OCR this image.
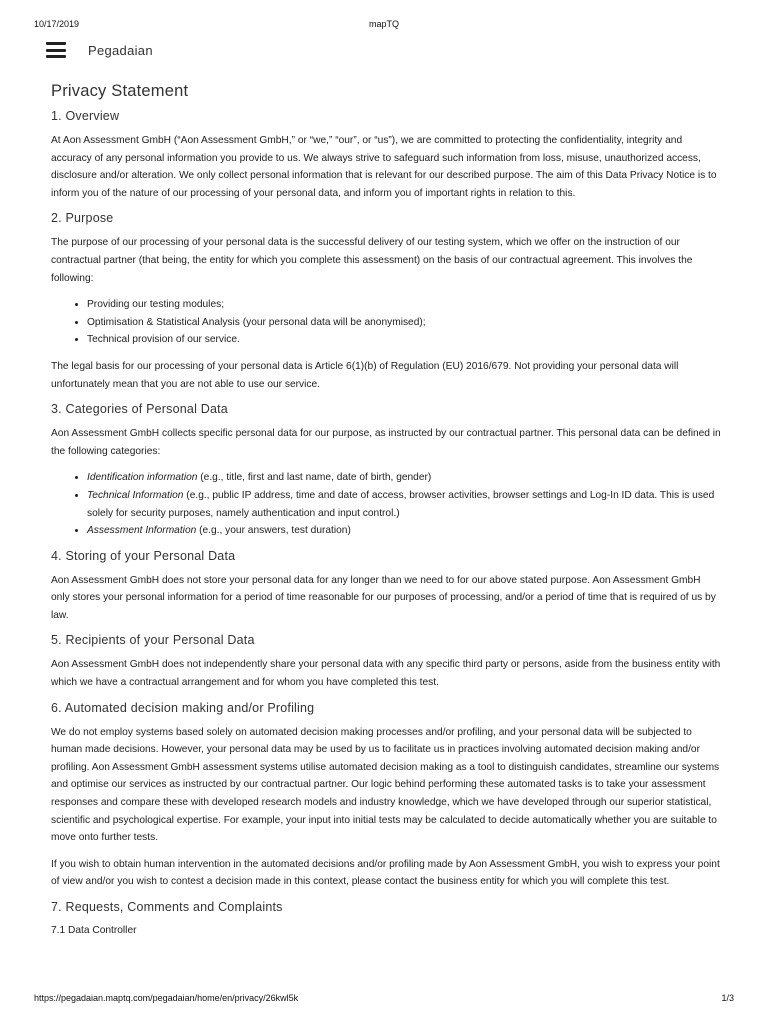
10/17/2019	mapTQ
Pegadaian
Privacy Statement
1. Overview

At Aon Assessment GmbH (“Aon Assessment GmbH,” or “we,” “our”, or “us”), we are committed to protecting the confidentiality, integrity and accuracy of any personal information you provide to us. We always strive to safeguard such information from loss, misuse, unauthorized access, disclosure and/or alteration. We only collect personal information that is relevant for our described purpose. The aim of this Data Privacy Notice is to inform you of the nature of our processing of your personal data, and inform you of important rights in relation to this.

2. Purpose

The purpose of our processing of your personal data is the successful delivery of our testing system, which we offer on the instruction of our contractual partner (that being, the entity for which you complete this assessment) on the basis of our contractual agreement. This involves the following:

• Providing our testing modules;
• Optimisation & Statistical Analysis (your personal data will be anonymised);
• Technical provision of our service.

The legal basis for our processing of your personal data is Article 6(1)(b) of Regulation (EU) 2016/679. Not providing your personal data will unfortunately mean that you are not able to use our service.

3. Categories of Personal Data

Aon Assessment GmbH collects specific personal data for our purpose, as instructed by our contractual partner. This personal data can be defined in the following categories:

• Identification information (e.g., title, first and last name, date of birth, gender)
• Technical Information (e.g., public IP address, time and date of access, browser activities, browser settings and Log-In ID data. This is used solely for security purposes, namely authentication and input control.)
• Assessment Information (e.g., your answers, test duration)
4. Storing of your Personal Data

Aon Assessment GmbH does not store your personal data for any longer than we need to for our above stated purpose. Aon Assessment GmbH only stores your personal information for a period of time reasonable for our purposes of processing, and/or a period of time that is required of us by law.

5. Recipients of your Personal Data

Aon Assessment GmbH does not independently share your personal data with any specific third party or persons, aside from the business entity with which we have a contractual arrangement and for whom you have completed this test.

6. Automated decision making and/or Profiling

We do not employ systems based solely on automated decision making processes and/or profiling, and your personal data will be subjected to human made decisions. However, your personal data may be used by us to facilitate us in practices involving automated decision making and/or profiling. Aon Assessment GmbH assessment systems utilise automated decision making as a tool to distinguish candidates, streamline our systems and optimise our services as instructed by our contractual partner. Our logic behind performing these automated tasks is to take your assessment responses and compare these with developed research models and industry knowledge, which we have developed through our superior statistical, scientific and psychological expertise. For example, your input into initial tests may be calculated to decide automatically whether you are suitable to move onto further tests.

If you wish to obtain human intervention in the automated decisions and/or profiling made by Aon Assessment GmbH, you wish to express your point of view and/or you wish to contest a decision made in this context, please contact the business entity for which you will complete this test.

7. Requests, Comments and Complaints
7.1 Data Controller
https://pegadaian.maptq.com/pegadaian/home/en/privacy/26kwl5k	1/3
